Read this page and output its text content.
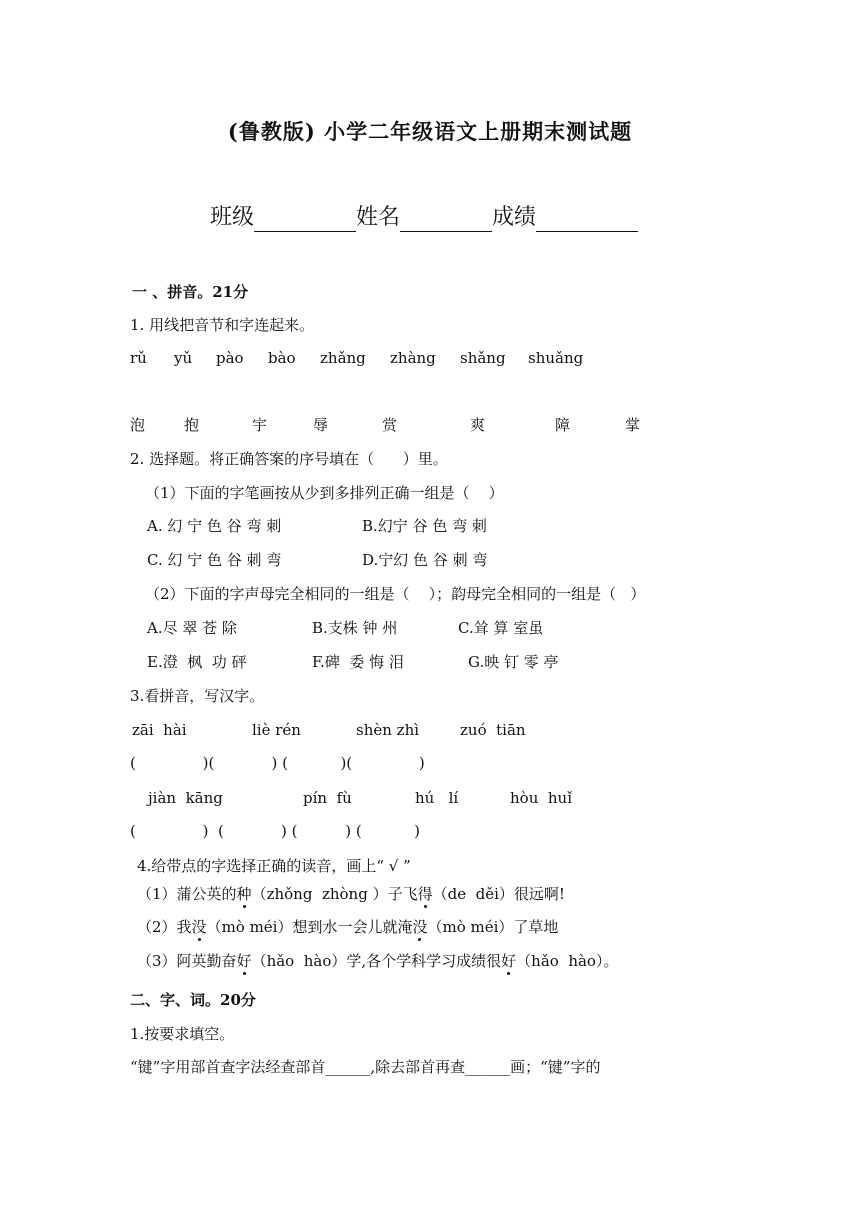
(鲁教版) 小学二年级语文上册期末测试题
班级	姓名	成绩
一 、拼音。21分
1. 用线把音节和字连起来。
rǔ yǔ pào bào zhǎng zhàng shǎng shuǎng
泡	抱	宇	辱	赏	爽	障	掌
2. 选择题。将正确答案的序号填在（      ）里。
（1）下面的字笔画按从少到多排列正确一组是（    ）
A. 幻 宁 色 谷 弯 刺	B.幻宁 谷 色 弯 刺
C. 幻 宁 色 谷 刺 弯	D.宁幻 色 谷 刺 弯
（2）下面的字声母完全相同的一组是（    ）；韵母完全相同的一组是（   ）
A.尽 翠 苍 除	B.支株 钟 州	C.耸 算 室虽
E.澄  枫  功 砰	F.碑  委 悔 泪	G.映 钉 零 亭
3.看拼音，写汉字。
zāi  hài	liè rén	shèn zhì	zuó  tiān
(              )(            ) (           )(              )
jiàn  kāng	pín  fù	hú   lí	hòu  huǐ
(              )  (            ) (          ) (           )
4.给带点的字选择正确的读音，画上“ √ ”
（1）蒲公英的种（zhǒng  zhòng ）子飞得（de  děi）很远啊!
（2）我没（mò méi）想到水一会儿就淹没（mò méi）了草地
（3）阿英勤奋好（hǎo  hào）学,各个学科学习成绩很好（hǎo  hào）。
二、字、词。20分
1.按要求填空。
“键”字用部首查字法经查部首______,除去部首再查______画；“键”字的
